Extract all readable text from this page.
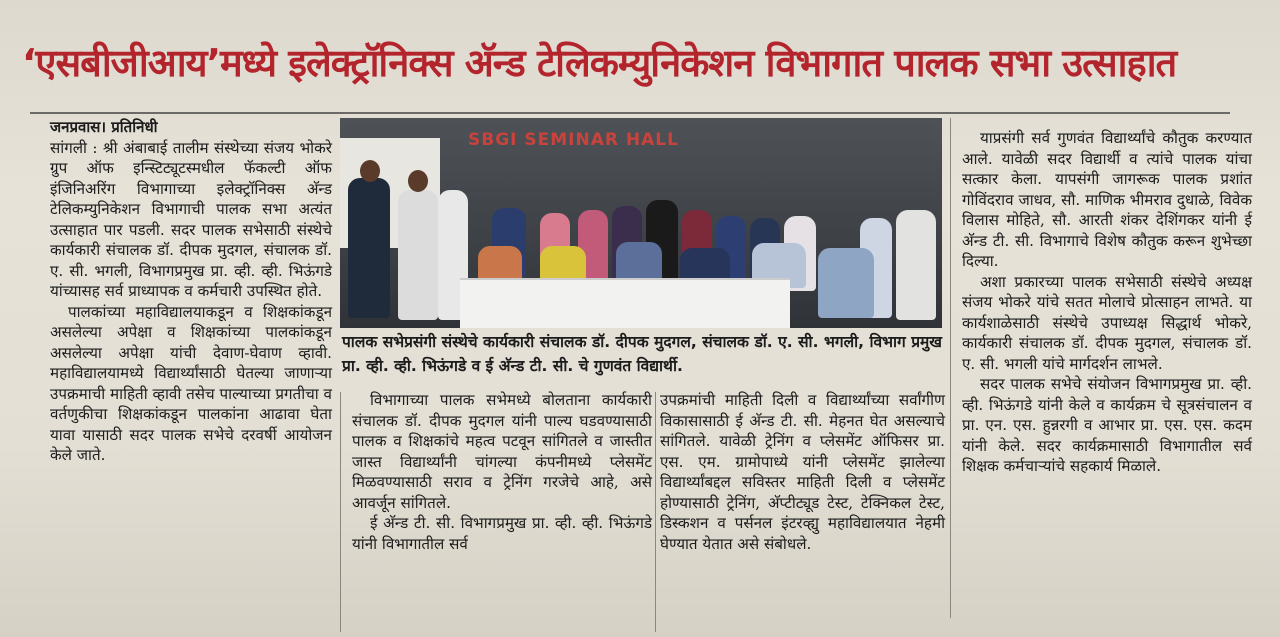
‘एसबीजीआय’मध्ये इलेक्ट्रॉनिक्स अ‍ॅन्ड टेलिकम्युनिकेशन विभागात पालक सभा उत्साहात

जनप्रवास। प्रतिनिधी

सांगली : श्री अंबाबाई तालीम संस्थेच्या संजय भोकरे ग्रुप ऑफ इन्स्टिट्यूटस्मधील फॅकल्टी ऑफ इंजिनिअरिंग विभागाच्या इलेक्ट्रॉनिक्स अ‍ॅन्ड टेलिकम्युनिकेशन विभागाची पालक सभा अत्यंत उत्साहात पार पडली. सदर पालक सभेसाठी संस्थेचे कार्यकारी संचालक डॉ. दीपक मुदगल, संचालक डॉ. ए. सी. भगली, विभागप्रमुख प्रा. व्ही. व्ही. भिऊंगडे यांच्यासह सर्व प्राध्यापक व कर्मचारी उपस्थित होते.

पालकांच्या महाविद्यालयाकडून व शिक्षकांकडून असलेल्या अपेक्षा व शिक्षकांच्या पालकांकडून असलेल्या अपेक्षा यांची देवाण-घेवाण व्हावी. महाविद्यालयामध्ये विद्यार्थ्यांसाठी घेतल्या जाणाऱ्या उपक्रमाची माहिती व्हावी तसेच पाल्याच्या प्रगतीचा व वर्तणुकीचा शिक्षकांकडून पालकांना आढावा घेता यावा यासाठी सदर पालक सभेचे दरवर्षी आयोजन केले जाते.

SBGI SEMINAR HALL
पालक सभेप्रसंगी संस्थेचे कार्यकारी संचालक डॉ. दीपक मुदगल, संचालक डॉ. ए. सी. भगली, विभाग प्रमुख प्रा. व्ही. व्ही. भिऊंगडे व ई अ‍ॅन्ड टी. सी. चे गुणवंत विद्यार्थी.

विभागाच्या पालक सभेमध्ये बोलताना कार्यकारी संचालक डॉ. दीपक मुदगल यांनी पाल्य घडवण्यासाठी पालक व शिक्षकांचे महत्व पटवून सांगितले व जास्तीत जास्त विद्यार्थ्यांनी चांगल्या कंपनीमध्ये प्लेसमेंट मिळवण्यासाठी सराव व ट्रेनिंग गरजेचे आहे, असे आवर्जून सांगितले.

ई अ‍ॅन्ड टी. सी. विभागप्रमुख प्रा. व्ही. व्ही. भिऊंगडे यांनी विभागातील सर्व

उपक्रमांची माहिती दिली व विद्यार्थ्यांच्या सर्वांगीण विकासासाठी ई अ‍ॅन्ड टी. सी. मेहनत घेत असल्याचे सांगितले. यावेळी ट्रेनिंग व प्लेसमेंट ऑफिसर प्रा. एस. एम. ग्रामोपाध्ये यांनी प्लेसमेंट झालेल्या विद्यार्थ्यांबद्दल सविस्तर माहिती दिली व प्लेसमेंट होण्यासाठी ट्रेनिंग, अ‍ॅप्टीट्यूड टेस्ट, टेक्निकल टेस्ट, डिस्कशन व पर्सनल इंटरव्ह्यु महाविद्यालयात नेहमी घेण्यात येतात असे संबोधले.

याप्रसंगी सर्व गुणवंत विद्यार्थ्यांचे कौतुक करण्यात आले. यावेळी सदर विद्यार्थी व त्यांचे पालक यांचा सत्कार केला. यापसंगी जागरूक पालक प्रशांत गोविंदराव जाधव, सौ. माणिक भीमराव दुधाळे, विवेक विलास मोहिते, सौ. आरती शंकर देशिंगकर यांनी ई अ‍ॅन्ड टी. सी. विभागाचे विशेष कौतुक करून शुभेच्छा दिल्या.

अशा प्रकारच्या पालक सभेसाठी संस्थेचे अध्यक्ष संजय भोकरे यांचे सतत मोलाचे प्रोत्साहन लाभते. या कार्यशाळेसाठी संस्थेचे उपाध्यक्ष सिद्धार्थ भोकरे, कार्यकारी संचालक डॉ. दीपक मुदगल, संचालक डॉ. ए. सी. भगली यांचे मार्गदर्शन लाभले.

सदर पालक सभेचे संयोजन विभागप्रमुख प्रा. व्ही. व्ही. भिऊंगडे यांनी केले व कार्यक्रम चे सूत्रसंचालन व प्रा. एन. एस. हुन्नरगी व आभार प्रा. एस. एस. कदम यांनी केले. सदर कार्यक्रमासाठी विभागातील सर्व शिक्षक कर्मचाऱ्यांचे सहकार्य मिळाले.
